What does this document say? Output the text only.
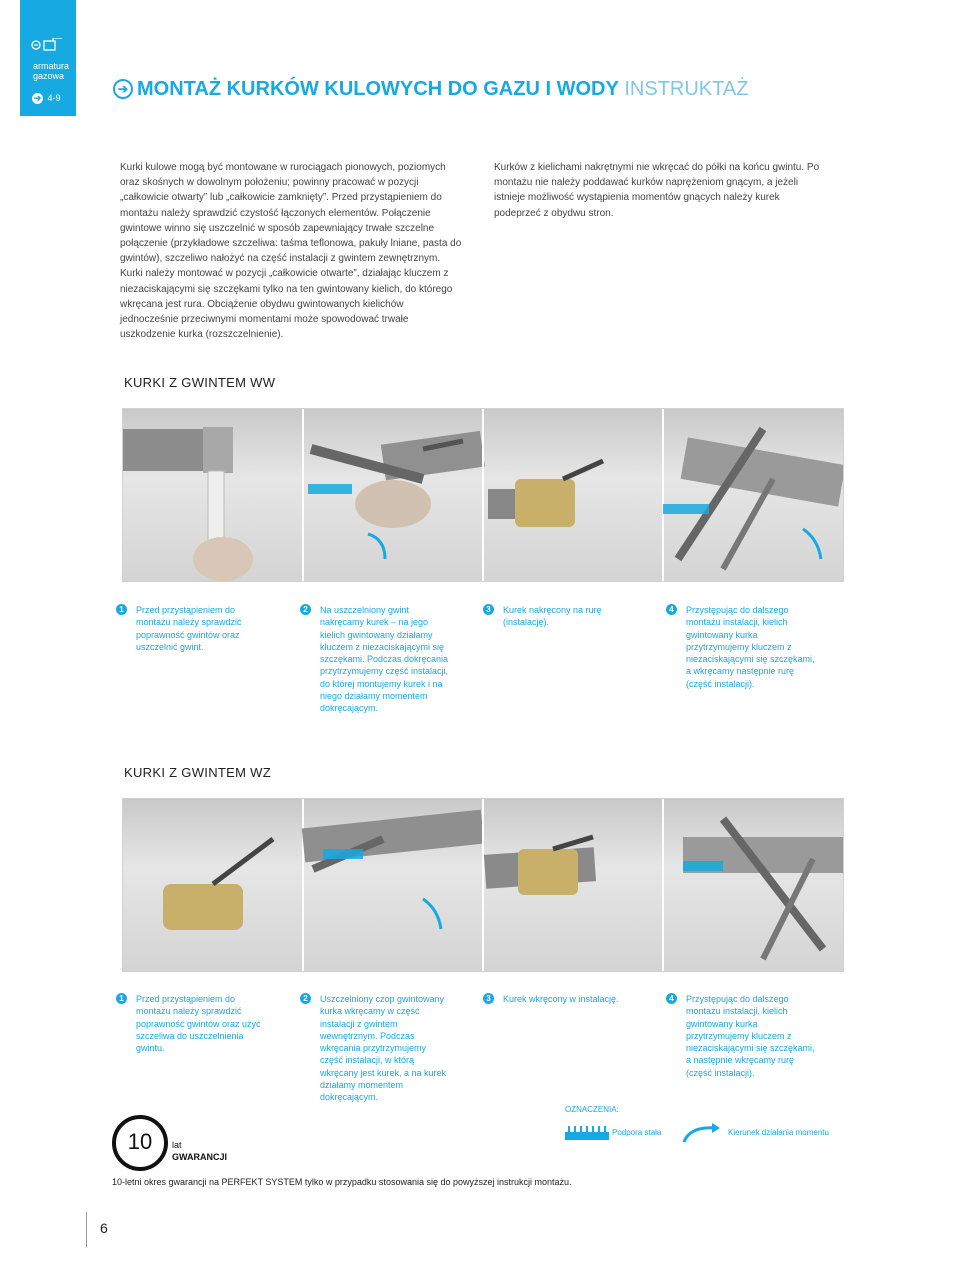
armatura
gazowa
➔ 4-9
➔ MONTAŻ KURKÓW KULOWYCH DO GAZU I WODY INSTRUKTAŻ
Kurki kulowe mogą być montowane w rurociągach pionowych, poziomych oraz skośnych w dowolnym położeniu; powinny pracować w pozycji „całkowicie otwarty” lub „całkowicie zamknięty”. Przed przystąpieniem do montażu należy sprawdzić czystość łączonych elementów. Połączenie gwintowe winno się uszczelnić w sposób zapewniający trwałe szczelne połączenie (przykładowe szczeliwa: taśma teflonowa, pakuły lniane, pasta do gwintów), szczeliwo nałożyć na część instalacji z gwintem zewnętrznym. Kurki należy montować w pozycji „całkowicie otwarte”, działając kluczem z niezaciskającymi się szczękami tylko na ten gwintowany kielich, do którego wkręcana jest rura. Obciążenie obydwu gwintowanych kielichów jednocześnie przeciwnymi momentami może spowodować trwałe uszkodzenie kurka (rozszczelnienie).
Kurków z kielichami nakrętnymi nie wkręcać do półki na końcu gwintu. Po montażu nie należy poddawać kurków naprężeniom gnącym, a jeżeli istnieje możliwość wystąpienia momentów gnących należy kurek podeprzeć z obydwu stron.
KURKI Z GWINTEM WW
1	Przed przystąpieniem do montażu należy sprawdzić poprawność gwintów oraz uszczelnić gwint.
2	Na uszczelniony gwint nakręcamy kurek – na jego kielich gwintowany działamy kluczem z niezaciskającymi się szczękami. Podczas dokręcania przytrzymujemy część instalacji, do której montujemy kurek i na niego działamy momentem dokręcającym.
3	Kurek nakręcony na rurę (instalację).
4	Przystępując do dalszego montażu instalacji, kielich gwintowany kurka przytrzymujemy kluczem z niezaciskającymi się szczękami, a wkręcamy następnie rurę (część instalacji).
KURKI Z GWINTEM WZ
1	Przed przystąpieniem do montażu należy sprawdzić poprawność gwintów oraz użyć szczeliwa do uszczelnienia gwintu.
2	Uszczelniony czop gwintowany kurka wkręcamy w część instalacji z gwintem wewnętrznym. Podczas wkręcania przytrzymujemy część instalacji, w którą wkręcany jest kurek, a na kurek działamy momentem dokręcającym.
3	Kurek wkręcony w instalację.	4	Przystępując do dalszego montażu instalacji, kielich gwintowany kurka przytrzymujemy kluczem z niezaciskającymi się szczękami, a następnie wkręcamy rurę (część instalacji).
OZNACZENIA:
Podpora stała	Kierunek działania momentu
10	lat
GWARANCJI
10-letni okres gwarancji na PERFEKT SYSTEM tylko w przypadku stosowania się do powyższej instrukcji montażu.
6
